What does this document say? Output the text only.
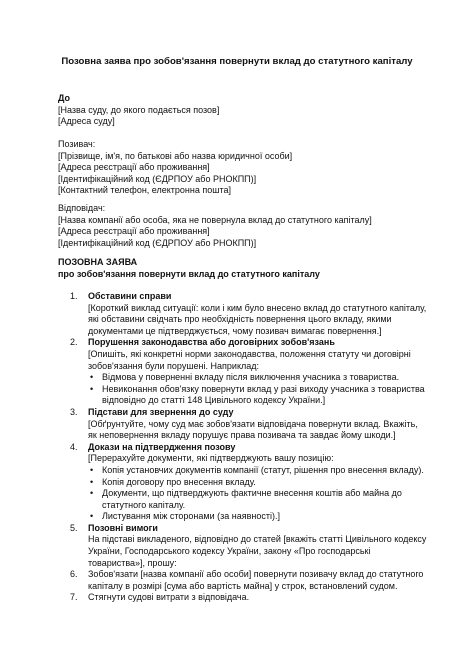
Позовна заява про зобов'язання повернути вклад до статутного капіталу
До
[Назва суду, до якого подається позов]
[Адреса суду]
Позивач:
[Прізвище, ім'я, по батькові або назва юридичної особи]
[Адреса реєстрації або проживання]
[Ідентифікаційний код (ЄДРПОУ або РНОКПП)]
[Контактний телефон, електронна пошта]
Відповідач:
[Назва компанії або особа, яка не повернула вклад до статутного капіталу]
[Адреса реєстрації або проживання]
[Ідентифікаційний код (ЄДРПОУ або РНОКПП)]
ПОЗОВНА ЗАЯВА
про зобов'язання повернути вклад до статутного капіталу
1. Обставини справи
[Короткий виклад ситуації: коли і ким було внесено вклад до статутного капіталу,
які обставини свідчать про необхідність повернення цього вкладу, якими
документами це підтверджується, чому позивач вимагає повернення.]
2. Порушення законодавства або договірних зобов'язань
[Опишіть, які конкретні норми законодавства, положення статуту чи договірні
зобов'язання були порушені. Наприклад:
• Відмова у поверненні вкладу після виключення учасника з товариства.
• Невиконання обов'язку повернути вклад у разі виходу учасника з товариства
відповідно до статті 148 Цивільного кодексу України.]
3. Підстави для звернення до суду
[Обґрунтуйте, чому суд має зобов'язати відповідача повернути вклад. Вкажіть,
як неповернення вкладу порушує права позивача та завдає йому шкоди.]
4. Докази на підтвердження позову
[Перерахуйте документи, які підтверджують вашу позицію:
• Копія установчих документів компанії (статут, рішення про внесення вкладу).
• Копія договору про внесення вкладу.
• Документи, що підтверджують фактичне внесення коштів або майна до
статутного капіталу.
• Листування між сторонами (за наявності).]
5. Позовні вимоги
На підставі викладеного, відповідно до статей [вкажіть статті Цивільного кодексу
України, Господарського кодексу України, закону «Про господарські
товариства»], прошу:
6. Зобов'язати [назва компанії або особи] повернути позивачу вклад до статутного
капіталу в розмірі [сума або вартість майна] у строк, встановлений судом.
7. Стягнути судові витрати з відповідача.
